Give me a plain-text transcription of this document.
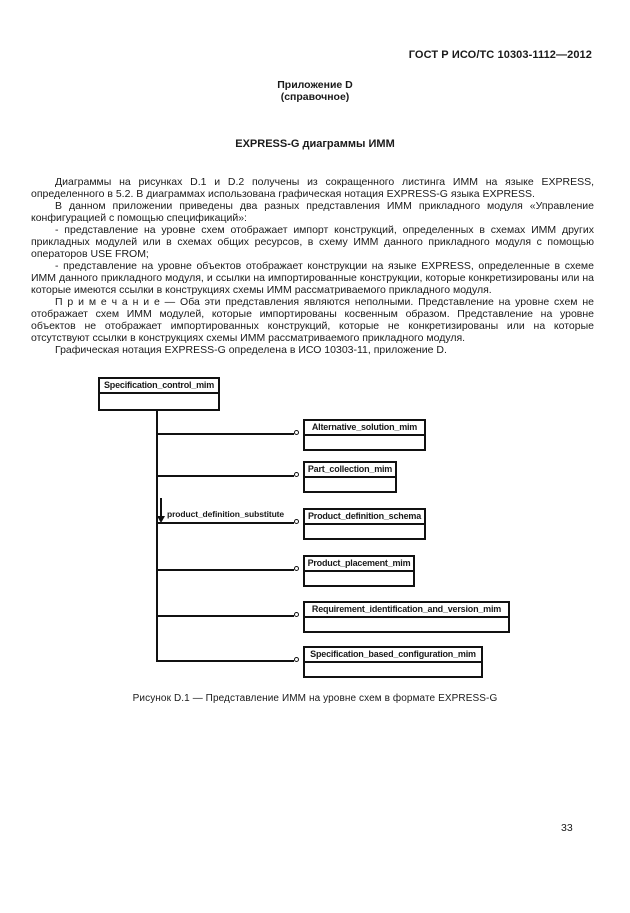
ГОСТ Р ИСО/ТС 10303-1112—2012
Приложение D
(справочное)
EXPRESS-G диаграммы ИММ

Диаграммы на рисунках D.1 и D.2 получены из сокращенного листинга ИММ на языке EXPRESS, определенного в 5.2. В диаграммах использована графическая нотация EXPRESS-G языка EXPRESS.

В данном приложении приведены два разных представления ИММ прикладного модуля «Управление конфигурацией с помощью спецификаций»:

- представление на уровне схем отображает импорт конструкций, определенных в схемах ИММ других прикладных модулей или в схемах общих ресурсов, в схему ИММ данного прикладного модуля с помощью операторов USE FROM;

- представление на уровне объектов отображает конструкции на языке EXPRESS, определенные в схеме ИММ данного прикладного модуля, и ссылки на импортированные конструкции, которые конкретизированы или на которые имеются ссылки в конструкциях схемы ИММ рассматриваемого прикладного модуля.

П р и м е ч а н и е — Оба эти представления являются неполными. Представление на уровне схем не отображает схем ИММ модулей, которые импортированы косвенным образом. Представление на уровне объектов не отображает импортированных конструкций, которые не конкретизированы или на которые отсутствуют ссылки в конструкциях схемы ИММ рассматриваемого прикладного модуля.

Графическая нотация EXPRESS-G определена в ИСО 10303-11, приложение D.

Specification_control_mim
product_definition_substitute
Alternative_solution_mim
Part_collection_mim
Product_definition_schema
Product_placement_mim
Requirement_identification_and_version_mim
Specification_based_configuration_mim
Рисунок D.1 — Представление ИММ на уровне схем в формате EXPRESS-G
33
